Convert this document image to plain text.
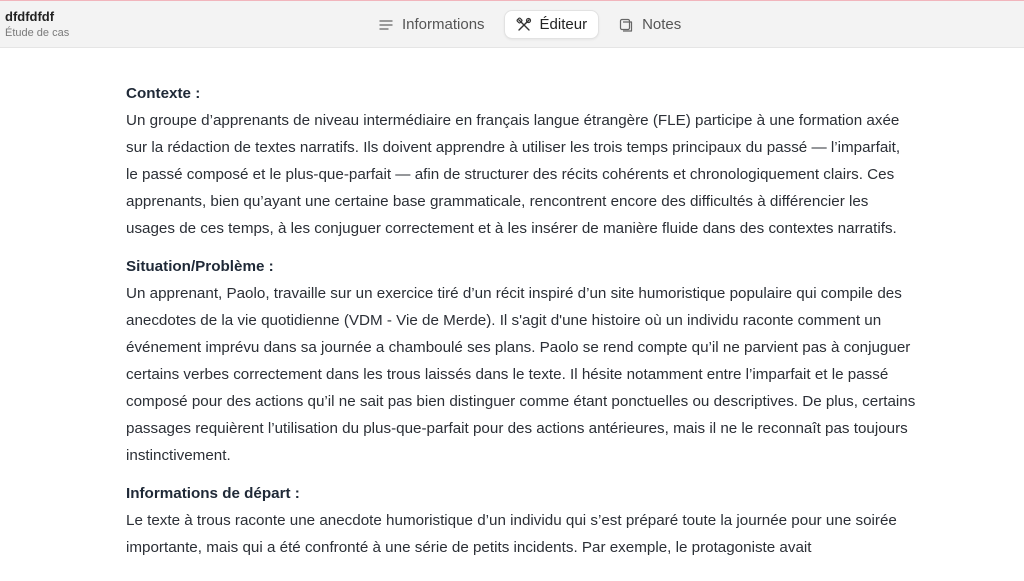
dfdfdfdf
Étude de cas	Informations	Éditeur	Notes

Contexte :

Un groupe d’apprenants de niveau intermédiaire en français langue étrangère (FLE) participe à une formation axée sur la rédaction de textes narratifs. Ils doivent apprendre à utiliser les trois temps principaux du passé — l’imparfait, le passé composé et le plus-que-parfait — afin de structurer des récits cohérents et chronologiquement clairs. Ces apprenants, bien qu’ayant une certaine base grammaticale, rencontrent encore des difficultés à différencier les usages de ces temps, à les conjuguer correctement et à les insérer de manière fluide dans des contextes narratifs.

Situation/Problème :

Un apprenant, Paolo, travaille sur un exercice tiré d’un récit inspiré d’un site humoristique populaire qui compile des anecdotes de la vie quotidienne (VDM - Vie de Merde). Il s'agit d'une histoire où un individu raconte comment un événement imprévu dans sa journée a chamboulé ses plans. Paolo se rend compte qu’il ne parvient pas à conjuguer certains verbes correctement dans les trous laissés dans le texte. Il hésite notamment entre l’imparfait et le passé composé pour des actions qu’il ne sait pas bien distinguer comme étant ponctuelles ou descriptives. De plus, certains passages requièrent l’utilisation du plus-que-parfait pour des actions antérieures, mais il ne le reconnaît pas toujours instinctivement.

Informations de départ :

Le texte à trous raconte une anecdote humoristique d’un individu qui s’est préparé toute la journée pour une soirée importante, mais qui a été confronté à une série de petits incidents. Par exemple, le protagoniste avait
